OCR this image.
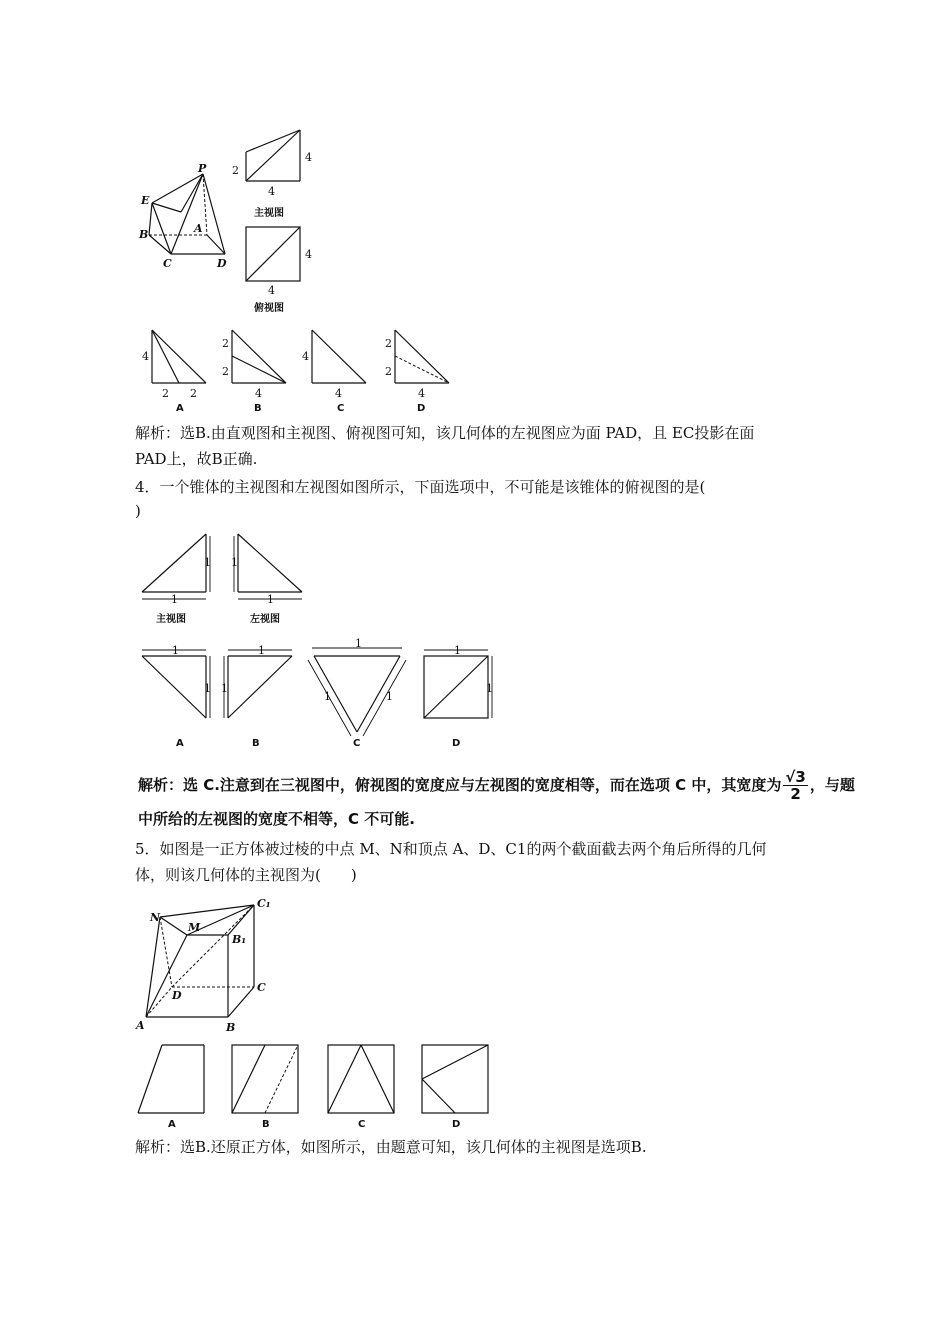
P
E
A
B
C	D
2
4
4
主视图
4
4
俯视图
4
2 2
A
2
2
4
B
4
4
C
2
2
4
D
解析：选B.由直观图和主视图、俯视图可知，该几何体的左视图应为面 PAD，且 EC投影在面
PAD上，故B正确.
4．一个锥体的主视图和左视图如图所示，下面选项中，不可能是该锥体的俯视图的是(
)
1
1
主视图
1
1
左视图
1
1
A
1
1
B
1
1	1
C
1
1
D
解析：选 C.注意到在三视图中，俯视图的宽度应与左视图的宽度相等，而在选项 C 中，其宽度为 $\frac{√3}{2}$ ，与题
中所给的左视图的宽度不相等，C 不可能.
5．如图是一正方体被过棱的中点 M、N和顶点 A、D、C1的两个截面截去两个角后所得的几何
体，则该几何体的主视图为(　　)
N
M
C₁
B₁
D
C
A	B
A	B	C	D
解析：选B.还原正方体，如图所示，由题意可知，该几何体的主视图是选项B.
